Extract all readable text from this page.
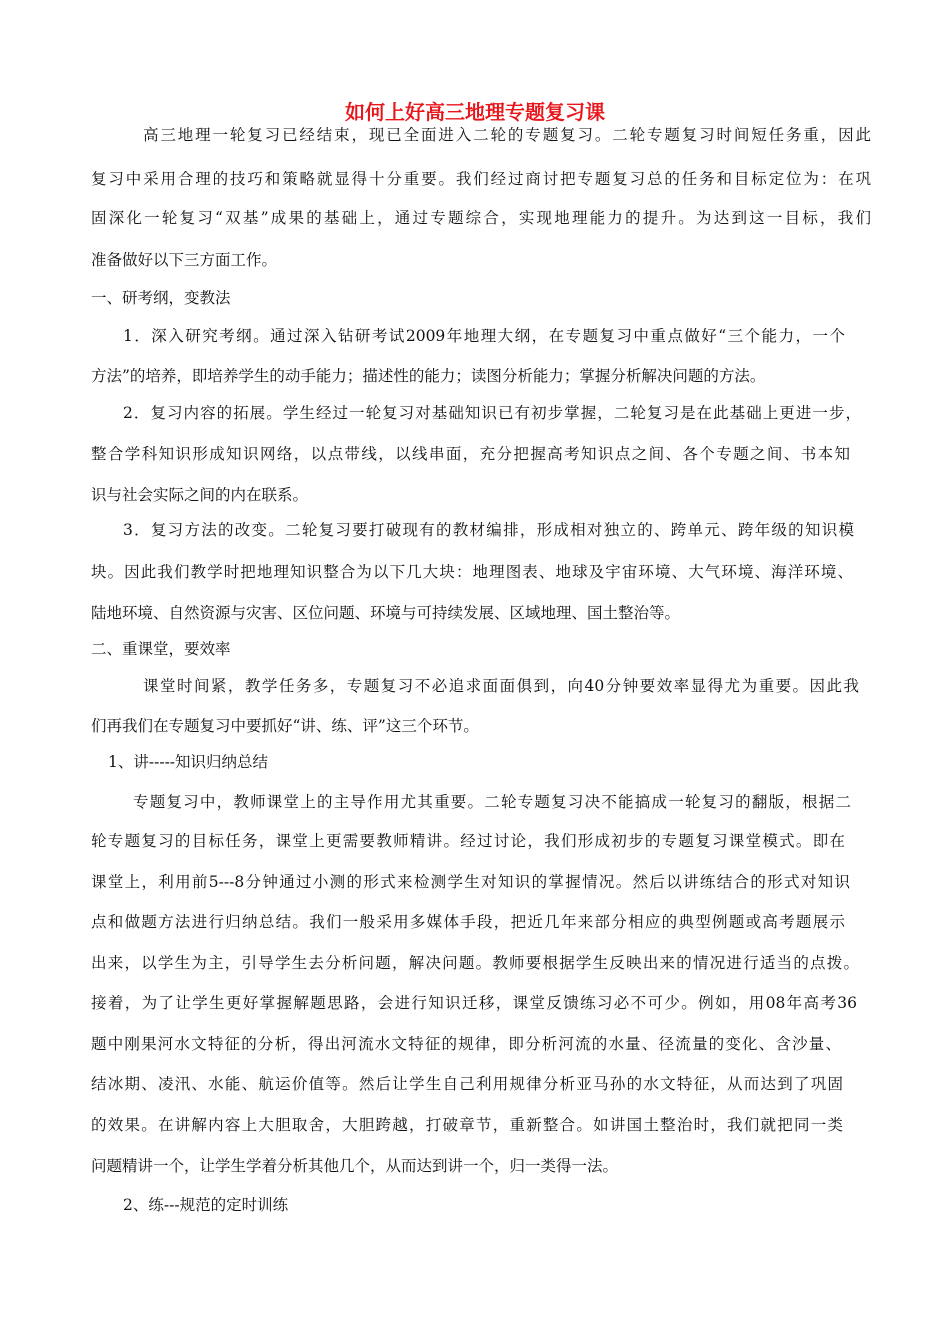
如何上好高三地理专题复习课

高三地理一轮复习已经结束，现已全面进入二轮的专题复习。二轮专题复习时间短任务重，因此

复习中采用合理的技巧和策略就显得十分重要。我们经过商讨把专题复习总的任务和目标定位为：在巩

固深化一轮复习“双基”成果的基础上，通过专题综合，实现地理能力的提升。为达到这一目标，我们

准备做好以下三方面工作。

一、研考纲，变教法

1．深入研究考纲。通过深入钻研考试2009年地理大纲，在专题复习中重点做好“三个能力，一个

方法”的培养，即培养学生的动手能力；描述性的能力；读图分析能力；掌握分析解决问题的方法。

2．复习内容的拓展。学生经过一轮复习对基础知识已有初步掌握，二轮复习是在此基础上更进一步，

整合学科知识形成知识网络，以点带线，以线串面，充分把握高考知识点之间、各个专题之间、书本知

识与社会实际之间的内在联系。

3．复习方法的改变。二轮复习要打破现有的教材编排，形成相对独立的、跨单元、跨年级的知识模

块。因此我们教学时把地理知识整合为以下几大块：地理图表、地球及宇宙环境、大气环境、海洋环境、

陆地环境、自然资源与灾害、区位问题、环境与可持续发展、区域地理、国土整治等。

二、重课堂，要效率

课堂时间紧，教学任务多，专题复习不必追求面面俱到，向40分钟要效率显得尤为重要。因此我

们再我们在专题复习中要抓好“讲、练、评”这三个环节。

1、讲-----知识归纳总结

专题复习中，教师课堂上的主导作用尤其重要。二轮专题复习决不能搞成一轮复习的翻版，根据二

轮专题复习的目标任务，课堂上更需要教师精讲。经过讨论，我们形成初步的专题复习课堂模式。即在

课堂上，利用前5---8分钟通过小测的形式来检测学生对知识的掌握情况。然后以讲练结合的形式对知识

点和做题方法进行归纳总结。我们一般采用多媒体手段，把近几年来部分相应的典型例题或高考题展示

出来，以学生为主，引导学生去分析问题，解决问题。教师要根据学生反映出来的情况进行适当的点拨。

接着，为了让学生更好掌握解题思路，会进行知识迁移，课堂反馈练习必不可少。例如，用08年高考36

题中刚果河水文特征的分析，得出河流水文特征的规律，即分析河流的水量、径流量的变化、含沙量、

结冰期、凌汛、水能、航运价值等。然后让学生自己利用规律分析亚马孙的水文特征，从而达到了巩固

的效果。在讲解内容上大胆取舍，大胆跨越，打破章节，重新整合。如讲国土整治时，我们就把同一类

问题精讲一个，让学生学着分析其他几个，从而达到讲一个，归一类得一法。

2、练---规范的定时训练
